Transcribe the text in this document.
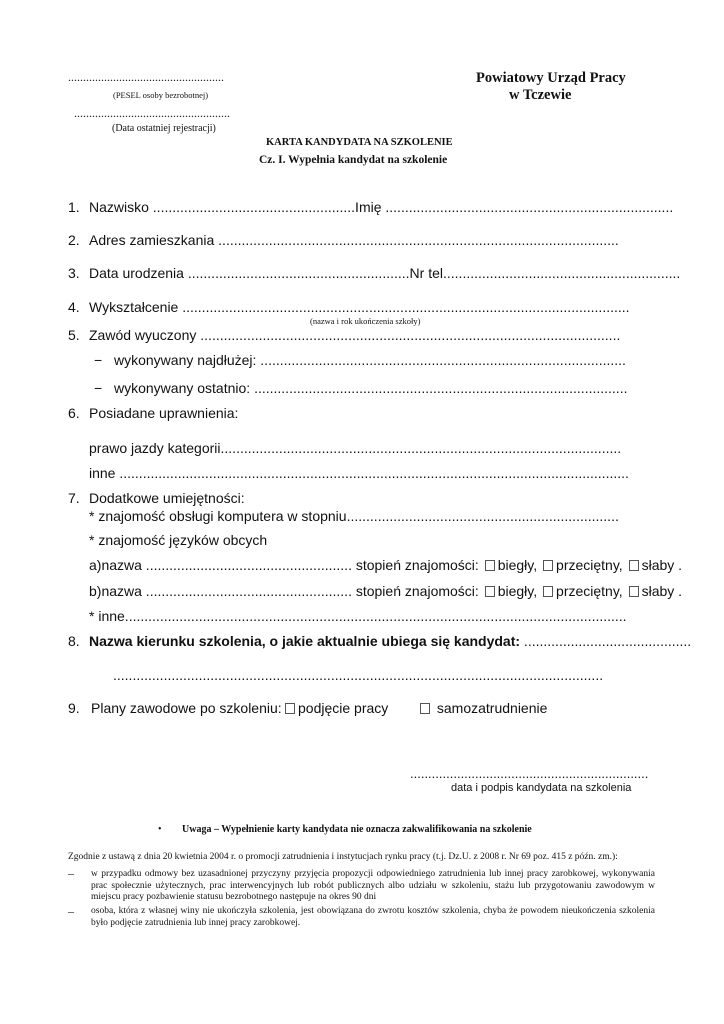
....................................................
(PESEL osoby bezrobotnej)
....................................................
(Data ostatniej rejestracji)
Powiatowy Urząd Pracy
w Tczewie
KARTA KANDYDATA NA SZKOLENIE
Cz. I. Wypełnia kandydat na szkolenie
1. Nazwisko ....................................................Imię ..........................................................................
2. Adres zamieszkania .......................................................................................................
3. Data urodzenia .........................................................Nr tel.............................................................
4. Wykształcenie ...................................................................................................................
(nazwa i rok ukończenia szkoły)
5. Zawód wyuczony ............................................................................................................
− wykonywany najdłużej: ..............................................................................................
− wykonywany ostatnio: ................................................................................................
6. Posiadane uprawnienia:
prawo jazdy kategorii.......................................................................................................
inne ...................................................................................................................................
7. Dodatkowe umiejętności:
* znajomość obsługi komputera w stopniu......................................................................
* znajomość języków obcych
a)nazwa ..................................................... stopień znajomości: biegły, przeciętny, słaby .
b)nazwa ..................................................... stopień znajomości: biegły, przeciętny, słaby .
* inne.................................................................................................................................
8. Nazwa kierunku szkolenia, o jakie aktualnie ubiega się kandydat: ...........................................
..............................................................................................................................
9. Plany zawodowe po szkoleniu:	podjęcie pracy	samozatrudnienie
..................................................................
data i podpis kandydata na szkolenia
• Uwaga – Wypełnienie karty kandydata nie oznacza zakwalifikowania na szkolenie
Zgodnie z ustawą z dnia 20 kwietnia 2004 r. o promocji zatrudnienia i instytucjach rynku pracy (t.j. Dz.U. z 2008 r. Nr 69 poz. 415 z późn. zm.):
– w przypadku odmowy bez uzasadnionej przyczyny przyjęcia propozycji odpowiedniego zatrudnienia lub innej pracy zarobkowej, wykonywania prac społecznie użytecznych, prac interwencyjnych lub robót publicznych albo udziału w szkoleniu, stażu lub przygotowaniu zawodowym w miejscu pracy pozbawienie statusu bezrobotnego następuje na okres 90 dni
– osoba, która z własnej winy nie ukończyła szkolenia, jest obowiązana do zwrotu kosztów szkolenia, chyba że powodem nieukończenia szkolenia było podjęcie zatrudnienia lub innej pracy zarobkowej.
